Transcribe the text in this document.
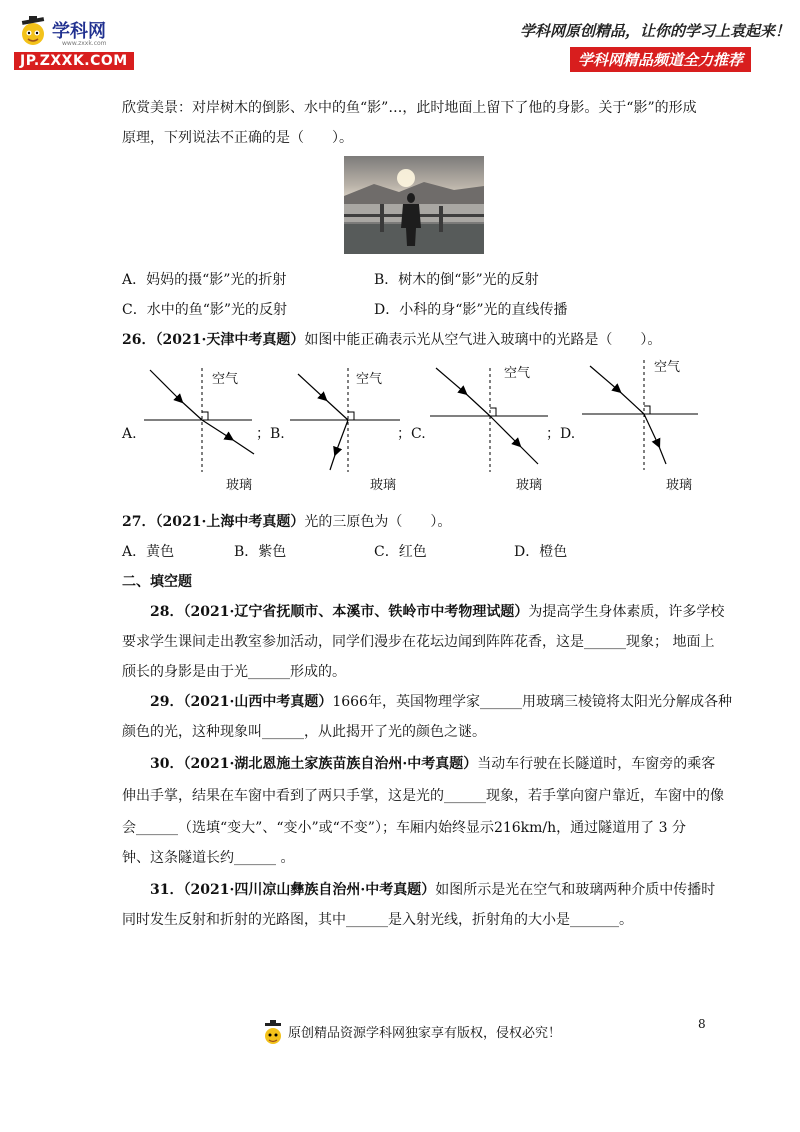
学科网
www.zxxk.com
JP.ZXXK.COM
学科网原创精品，让你的学习上袁起来！
学科网精品频道全力推荐
欣赏美景：对岸树木的倒影、水中的鱼“影”…，此时地面上留下了他的身影。关于“影”的形成
原理，下列说法不正确的是（　　）。
A．妈妈的摄“影”光的折射	B．树木的倒“影”光的反射
C．水中的鱼“影”光的反射	D．小科的身“影”光的直线传播
26．（2021·天津中考真题）如图中能正确表示光从空气进入玻璃中的光路是（　　）。
空气
玻璃
A.
空气
玻璃
；B.
空气
玻璃
；C.
空气
玻璃
；D.
27．（2021·上海中考真题）光的三原色为（　　）。
A．黄色	B．紫色	C．红色	D．橙色
二、填空题
28．（2021·辽宁省抚顺市、本溪市、铁岭市中考物理试题）为提高学生身体素质，许多学校
要求学生课间走出教室参加活动，同学们漫步在花坛边闻到阵阵花香，这是______现象； 地面上
颀长的身影是由于光______形成的。
29．（2021·山西中考真题）1666年，英国物理学家______用玻璃三棱镜将太阳光分解成各种
颜色的光，这种现象叫______，从此揭开了光的颜色之谜。
30．（2021·湖北恩施土家族苗族自治州·中考真题）当动车行驶在长隧道时，车窗旁的乘客
伸出手掌，结果在车窗中看到了两只手掌，这是光的______现象，若手掌向窗户靠近，车窗中的像
会______（选填“变大”、“变小”或“不变”）；车厢内始终显示216km/h，通过隧道用了 3 分
钟、这条隧道长约______ 。
31．（2021·四川凉山彝族自治州·中考真题）如图所示是光在空气和玻璃两种介质中传播时
同时发生反射和折射的光路图，其中______是入射光线，折射角的大小是_______。
8
原创精品资源学科网独家享有版权，侵权必究！
